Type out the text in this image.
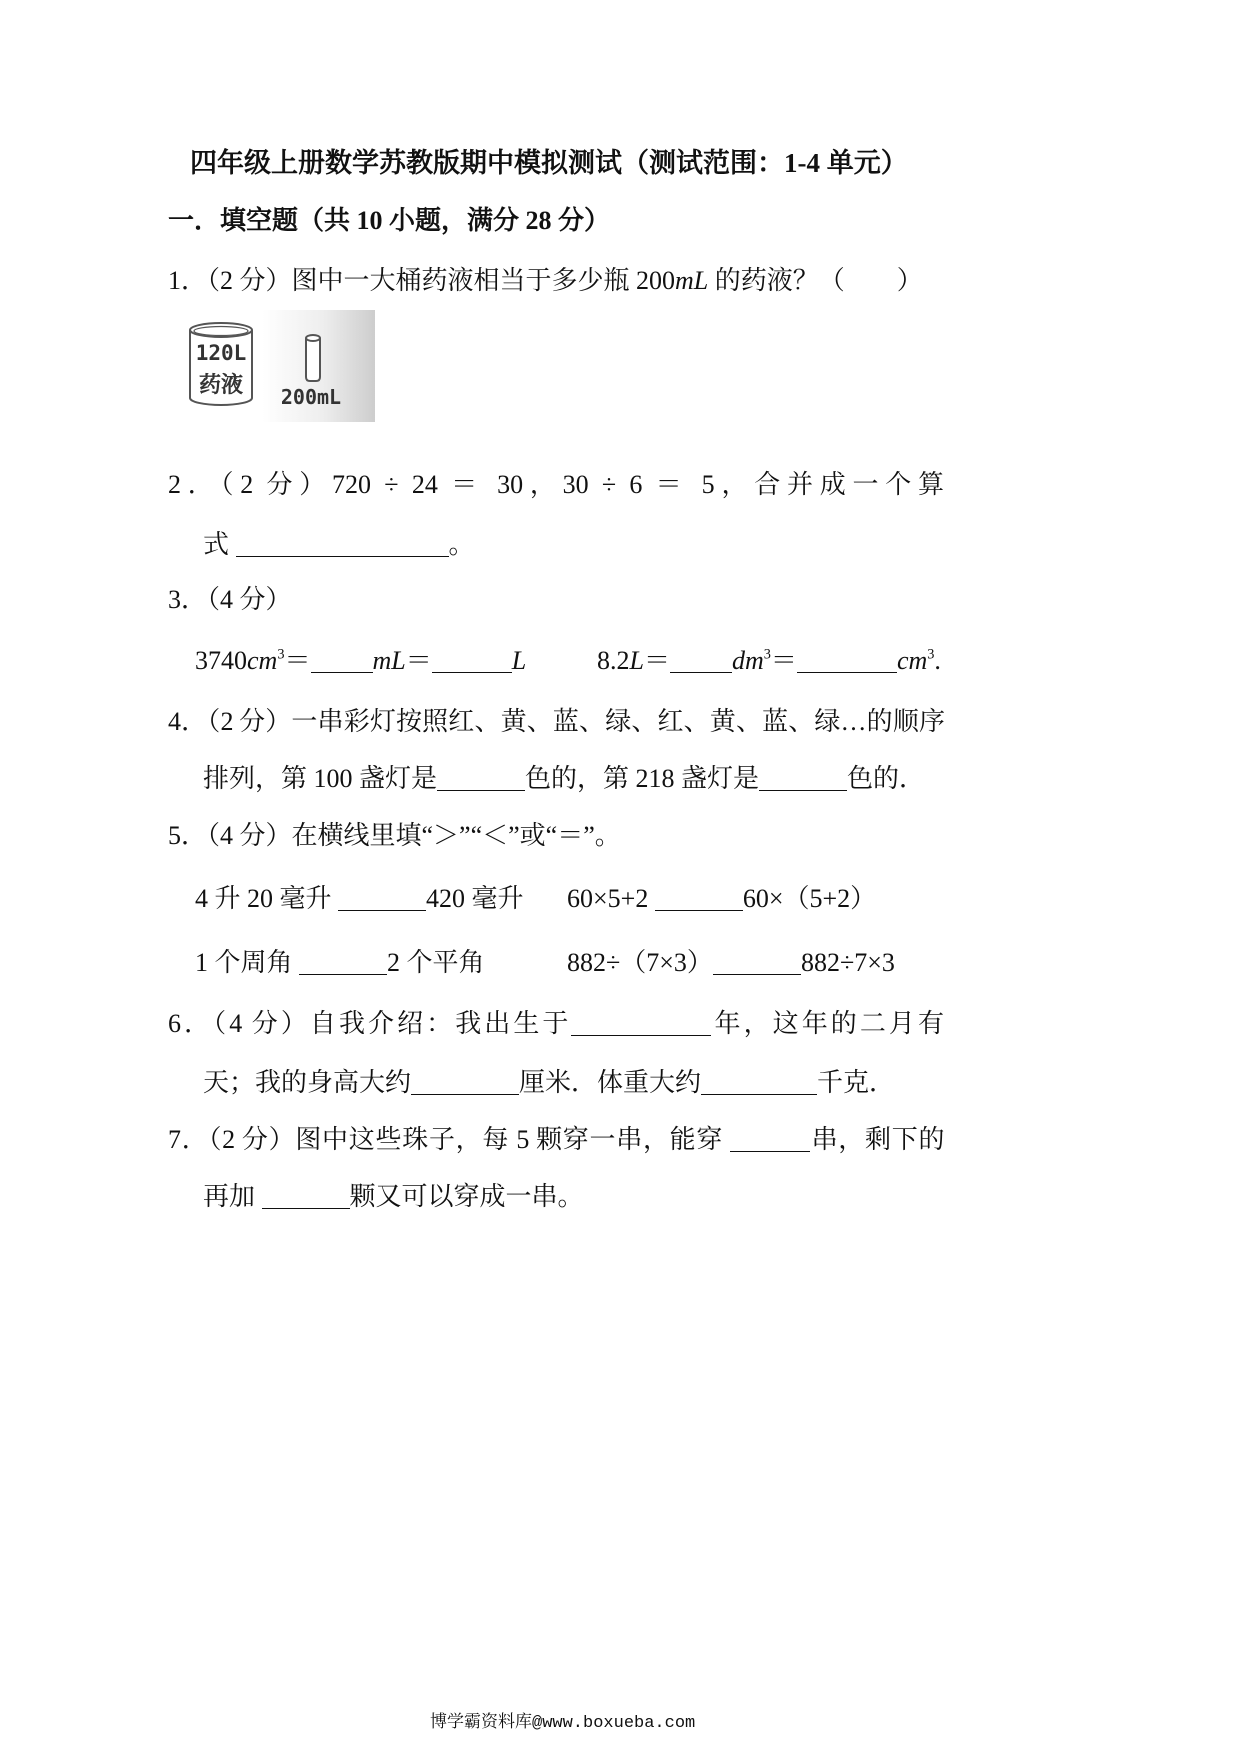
四年级上册数学苏教版期中模拟测试（测试范围：1-4 单元）
一．填空题（共 10 小题，满分 28 分）
1．（2 分）图中一大桶药液相当于多少瓶 200mL 的药液？（　　）
120L
药液 200mL
2．（2 分）720 ÷ 24 ＝ 30，30 ÷ 6 ＝ 5，合并成一个算
式	。
3．（4 分）
$3740cm^3= mL=$	L	$8.2L= dm^3=$	$cm^3$.
4．（2 分）一串彩灯按照红、黄、蓝、绿、红、黄、蓝、绿…的顺序
排列，第 100 盏灯是	色的，第 218 盏灯是	色的．
5．（4 分）在横线里填“＞”“＜”或“＝”。
4 升 20 毫升	420 毫升 60×5+2	60×（5+2）
1 个周角	2 个平角	882÷（7×3）	882÷7×3
6．（4 分）自我介绍：我出生于	年，这年的二月有
天；我的身高大约	厘米．体重大约	千克．
7．（2 分）图中这些珠子，每 5 颗穿一串，能穿	串，剩下的
再加	颗又可以穿成一串。
博学霸资料库@www.boxueba.com
